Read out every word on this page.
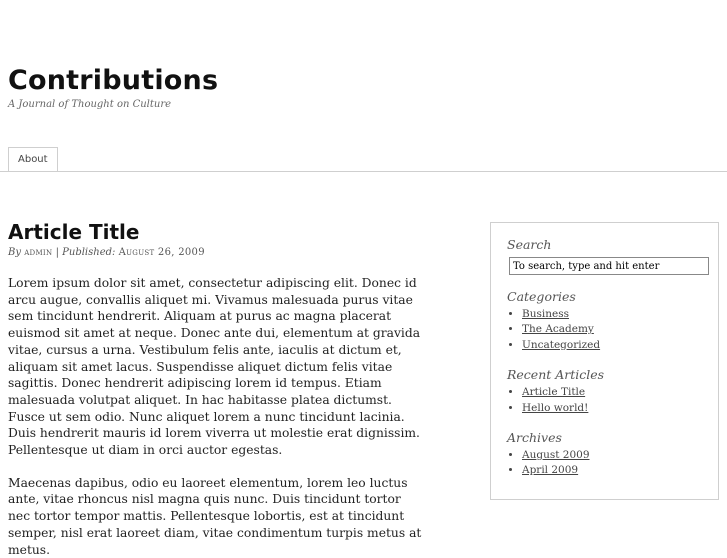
Contributions

A Journal of Thought on Culture

About
Article Title
By admin | Published: August 26, 2009

Lorem ipsum dolor sit amet, consectetur adipiscing elit. Donec id arcu augue, convallis aliquet mi. Vivamus malesuada purus vitae sem tincidunt hendrerit. Aliquam at purus ac magna placerat euismod sit amet at neque. Donec ante dui, elementum at gravida vitae, cursus a urna. Vestibulum felis ante, iaculis at dictum et, aliquam sit amet lacus. Suspendisse aliquet dictum felis vitae sagittis. Donec hendrerit adipiscing lorem id tempus. Etiam malesuada volutpat aliquet. In hac habitasse platea dictumst. Fusce ut sem odio. Nunc aliquet lorem a nunc tincidunt lacinia. Duis hendrerit mauris id lorem viverra ut molestie erat dignissim. Pellentesque ut diam in orci auctor egestas.

Maecenas dapibus, odio eu laoreet elementum, lorem leo luctus ante, vitae rhoncus nisl magna quis nunc. Duis tincidunt tortor nec tortor tempor mattis. Pellentesque lobortis, est at tincidunt semper, nisl erat laoreet diam, vitae condimentum turpis metus at metus.

Search
To search, type and hit enter
Categories
• Business
• The Academy
• Uncategorized
Recent Articles
• Article Title
• Hello world!
Archives
• August 2009
• April 2009
